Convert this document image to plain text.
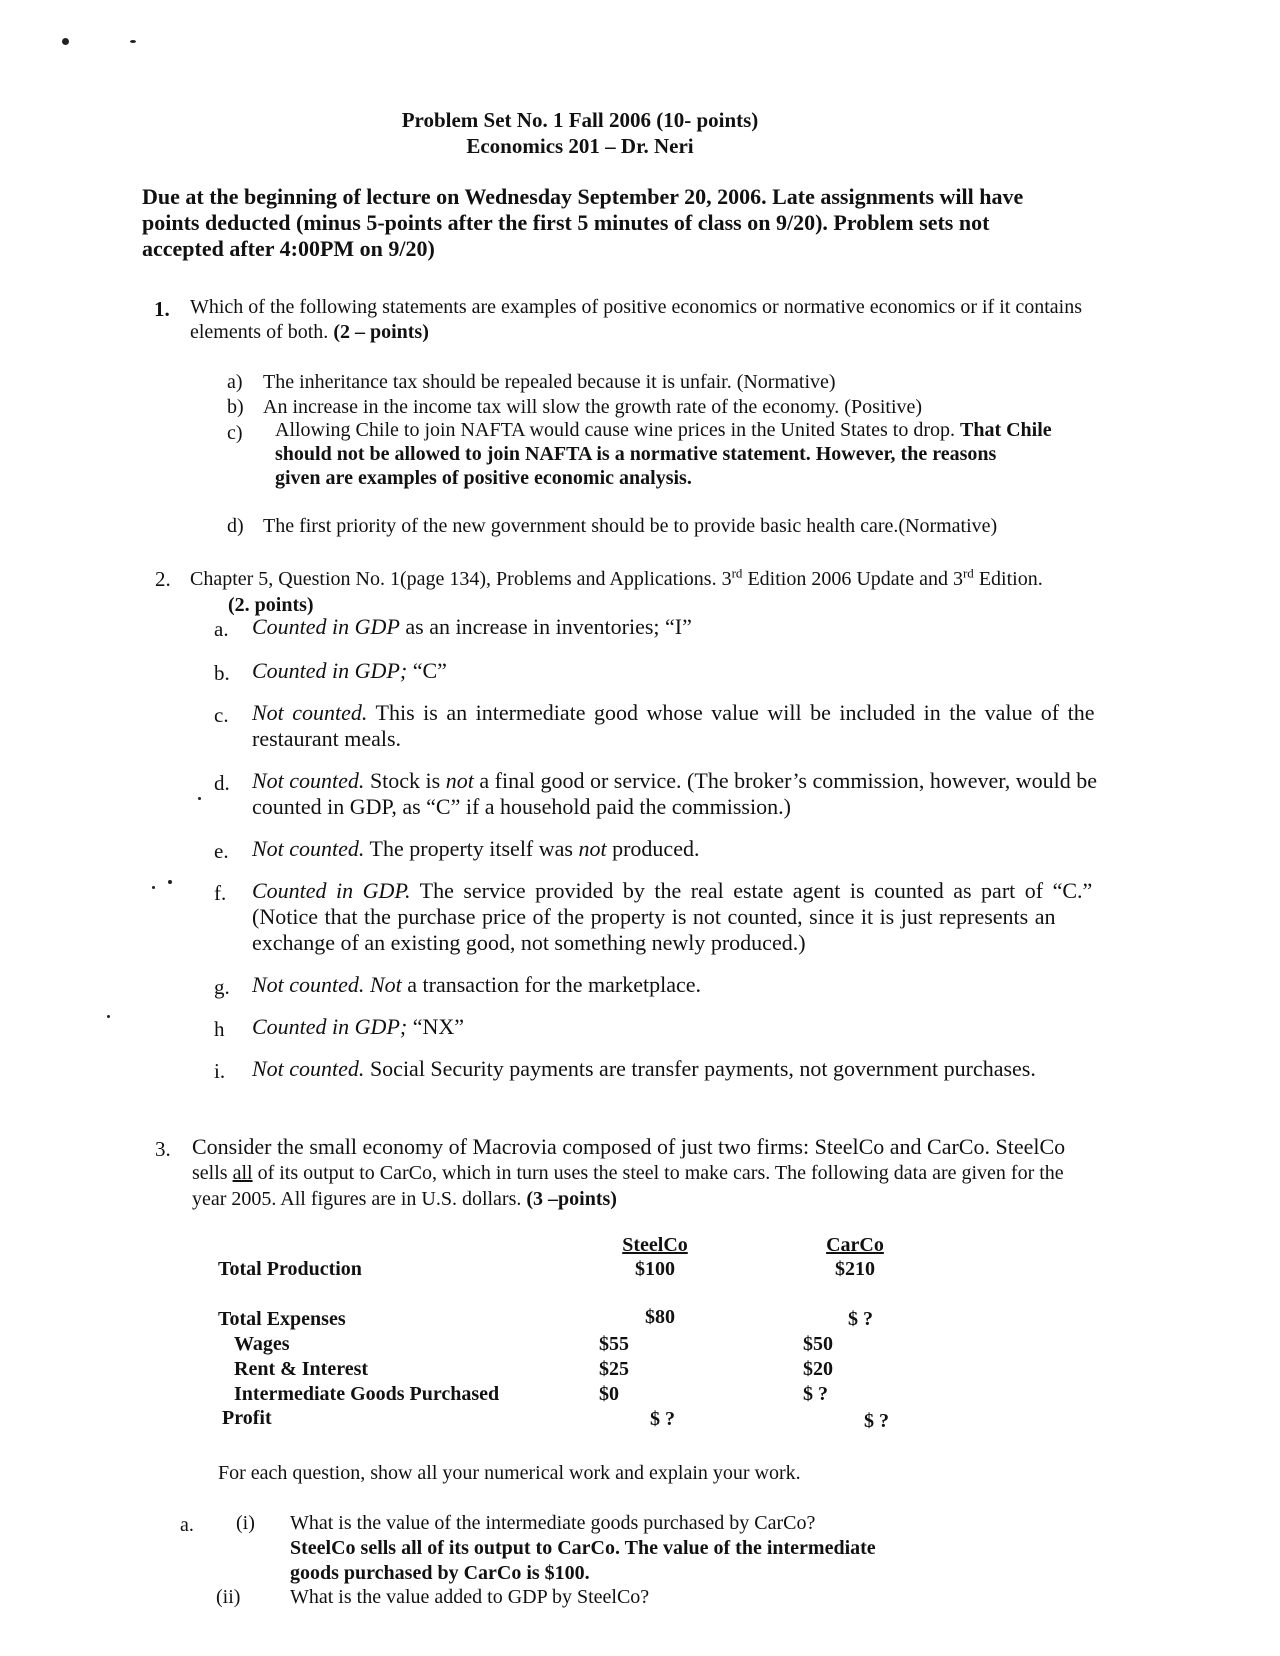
Problem Set No. 1 Fall 2006 (10- points)
Economics 201 – Dr. Neri
Due at the beginning of lecture on Wednesday September 20, 2006. Late assignments will have
points deducted (minus 5-points after the first 5 minutes of class on 9/20). Problem sets not
accepted after 4:00PM on 9/20)
1. Which of the following statements are examples of positive economics or normative economics or if it contains
elements of both. (2 – points)
a) The inheritance tax should be repealed because it is unfair. (Normative)
b) An increase in the income tax will slow the growth rate of the economy. (Positive)
c) Allowing Chile to join NAFTA would cause wine prices in the United States to drop. That Chile
should not be allowed to join NAFTA is a normative statement. However, the reasons
given are examples of positive economic analysis.
d) The first priority of the new government should be to provide basic health care.(Normative)
2. Chapter 5, Question No. 1(page 134), Problems and Applications. 3rd Edition 2006 Update and 3rd Edition.
(2. points)
a. Counted in GDP as an increase in inventories; “I”
b. Counted in GDP; “C”
c. Not counted. This is an intermediate good whose value will be included in the value of the
restaurant meals.
d. Not counted. Stock is not a final good or service. (The broker’s commission, however, would be
counted in GDP, as “C” if a household paid the commission.)
e. Not counted. The property itself was not produced.
f. Counted in GDP. The service provided by the real estate agent is counted as part of “C.”
(Notice that the purchase price of the property is not counted, since it is just represents an
exchange of an existing good, not something newly produced.)
g. Not counted. Not a transaction for the marketplace.
h Counted in GDP; “NX”
i. Not counted. Social Security payments are transfer payments, not government purchases.
3. Consider the small economy of Macrovia composed of just two firms: SteelCo and CarCo. SteelCo
sells all of its output to CarCo, which in turn uses the steel to make cars. The following data are given for the
year 2005. All figures are in U.S. dollars. (3 –points)
SteelCo	CarCo
Total Production	$100	$210
Total Expenses	$80	$ ?
Wages	$55	$50
Rent & Interest	$25	$20
Intermediate Goods Purchased	$0	$ ?
Profit	$ ?	$ ?
For each question, show all your numerical work and explain your work.
a. (i) What is the value of the intermediate goods purchased by CarCo?
SteelCo sells all of its output to CarCo. The value of the intermediate
goods purchased by CarCo is $100.
(ii) What is the value added to GDP by SteelCo?
